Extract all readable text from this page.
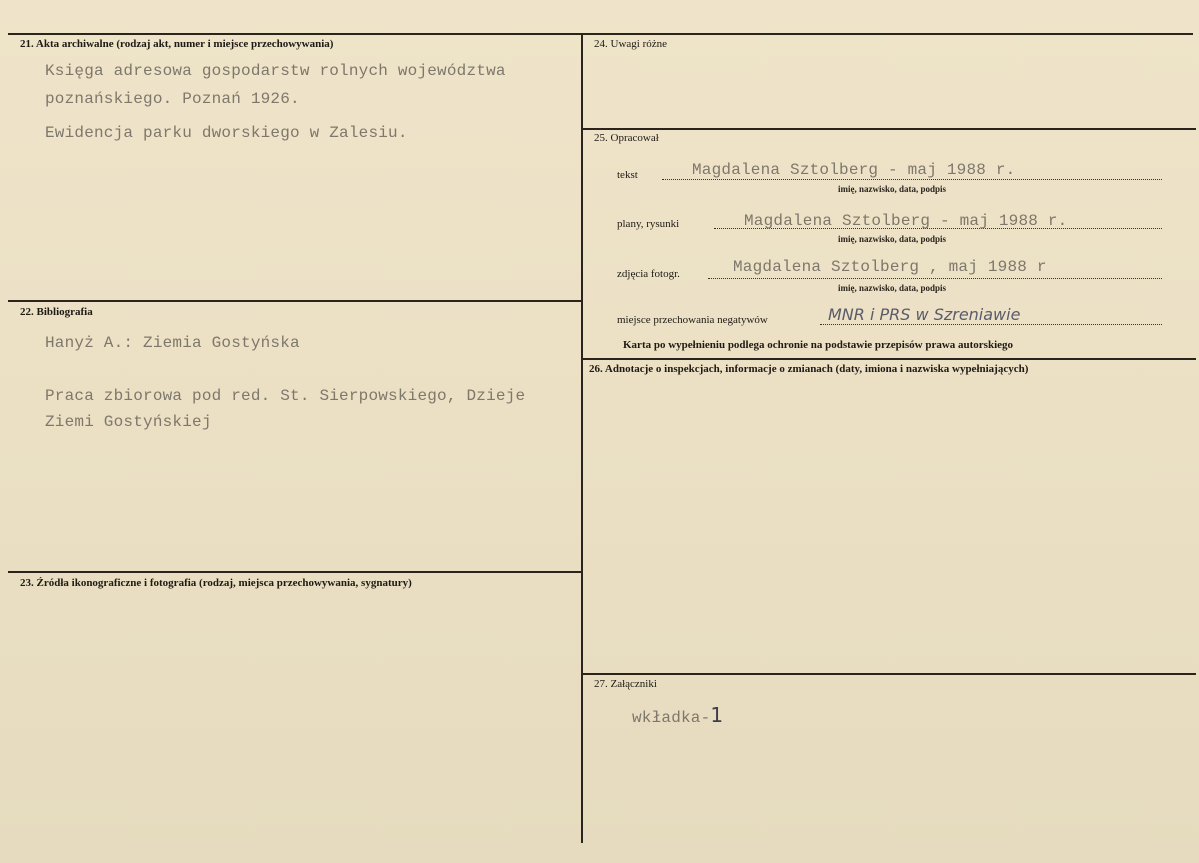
21. Akta archiwalne (rodzaj akt, numer i miejsce przechowywania)
Księga adresowa gospodarstw rolnych województwa
poznańskiego. Poznań 1926.
Ewidencja parku dworskiego w Zalesiu.
22. Bibliografia
Hanyż A.: Ziemia Gostyńska
Praca zbiorowa pod red. St. Sierpowskiego, Dzieje
Ziemi Gostyńskiej
23. Źródła ikonograficzne i fotografia (rodzaj, miejsca przechowywania, sygnatury)
24. Uwagi różne
25. Opracował
tekst	Magdalena Sztolberg - maj 1988 r.
imię, nazwisko, data, podpis
plany, rysunki	Magdalena Sztolberg - maj 1988 r.
imię, nazwisko, data, podpis
zdjęcia fotogr.	Magdalena Sztolberg , maj 1988 r
imię, nazwisko, data, podpis
miejsce przechowania negatywów	MNR i PRS w Szreniawie
Karta po wypełnieniu podlega ochronie na podstawie przepisów prawa autorskiego
26. Adnotacje o inspekcjach, informacje o zmianach (daty, imiona i nazwiska wypełniających)
27. Załączniki
wkładka-1
